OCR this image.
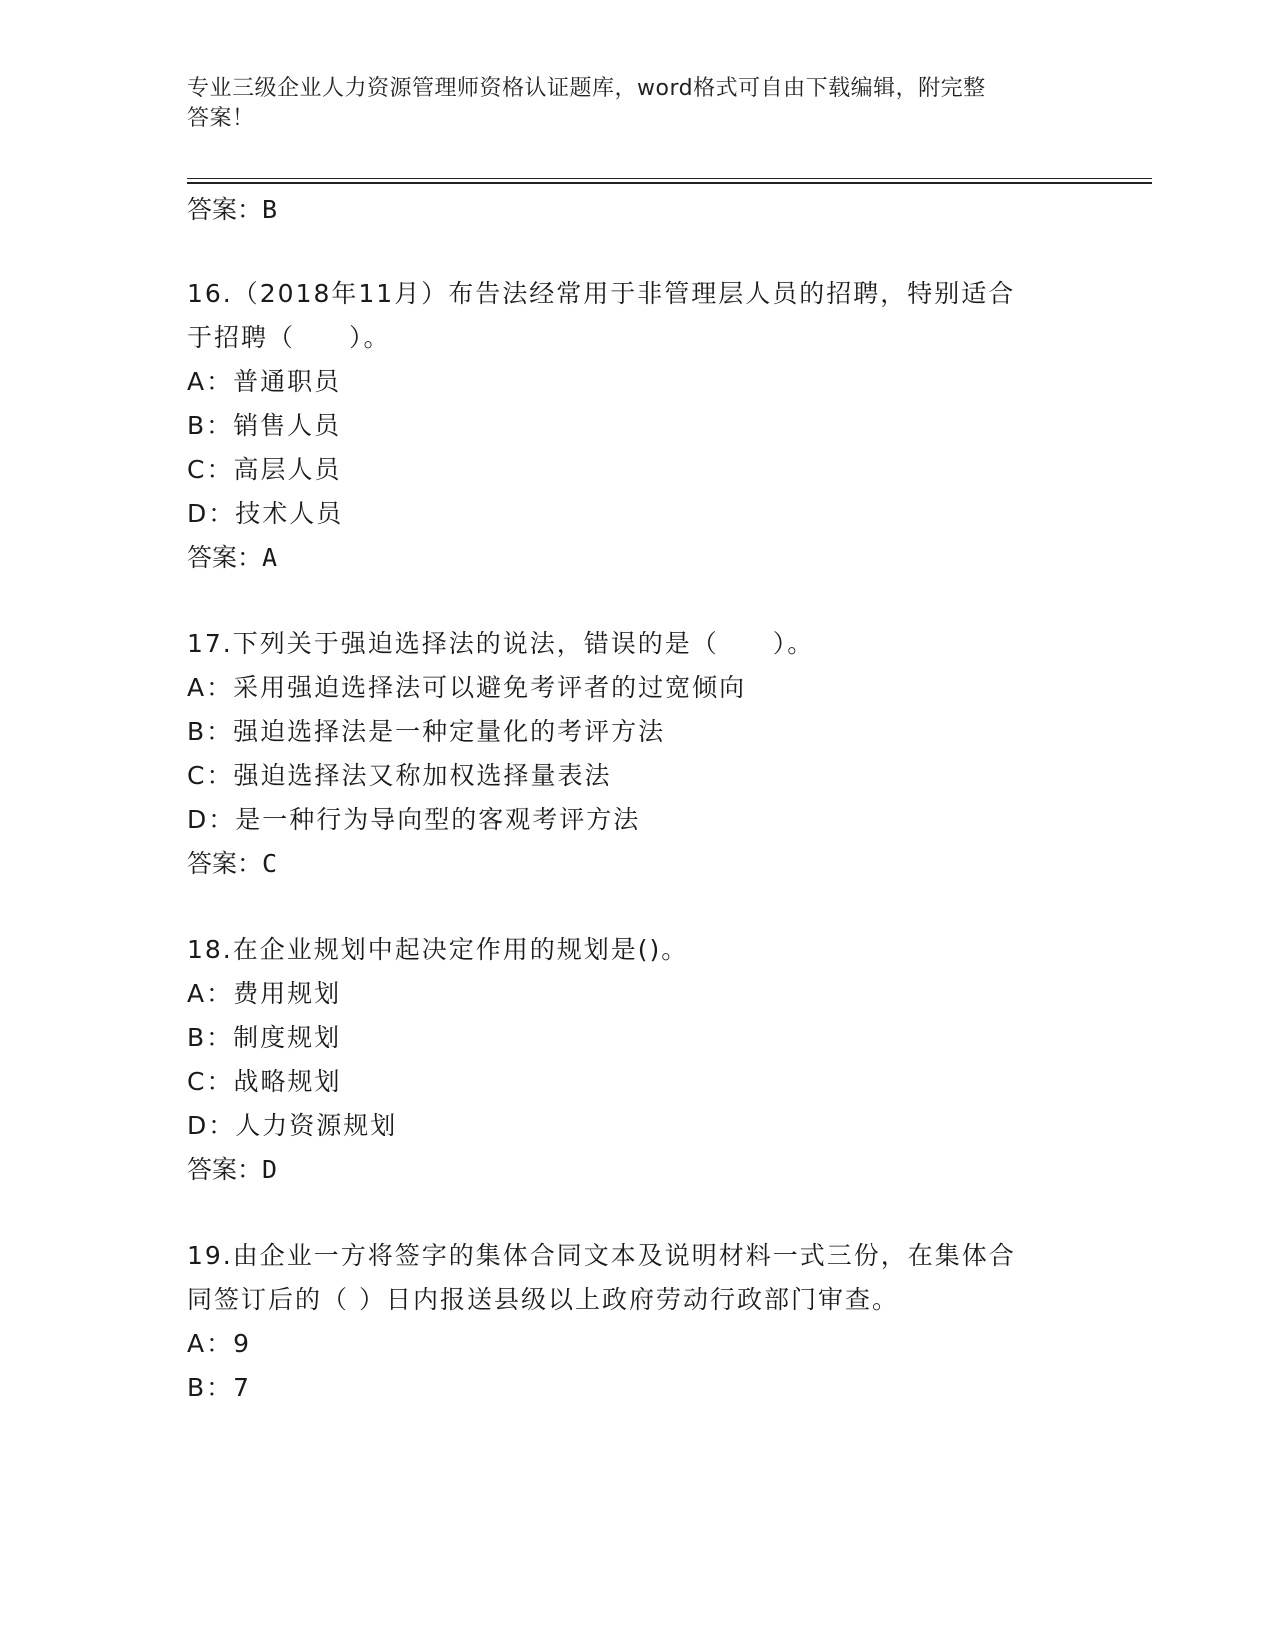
专业三级企业人力资源管理师资格认证题库，word格式可自由下载编辑，附完整
答案！
答案：B
16.（2018年11月）布告法经常用于非管理层人员的招聘，特别适合
于招聘（　　）。
A：普通职员
B：销售人员
C：高层人员
D：技术人员
答案：A
17.下列关于强迫选择法的说法，错误的是（　　）。
A：采用强迫选择法可以避免考评者的过宽倾向
B：强迫选择法是一种定量化的考评方法
C：强迫选择法又称加权选择量表法
D：是一种行为导向型的客观考评方法
答案：C
18.在企业规划中起决定作用的规划是()。
A：费用规划
B：制度规划
C：战略规划
D：人力资源规划
答案：D
19.由企业一方将签字的集体合同文本及说明材料一式三份，在集体合
同签订后的（ ）日内报送县级以上政府劳动行政部门审查。
A：9
B：7
